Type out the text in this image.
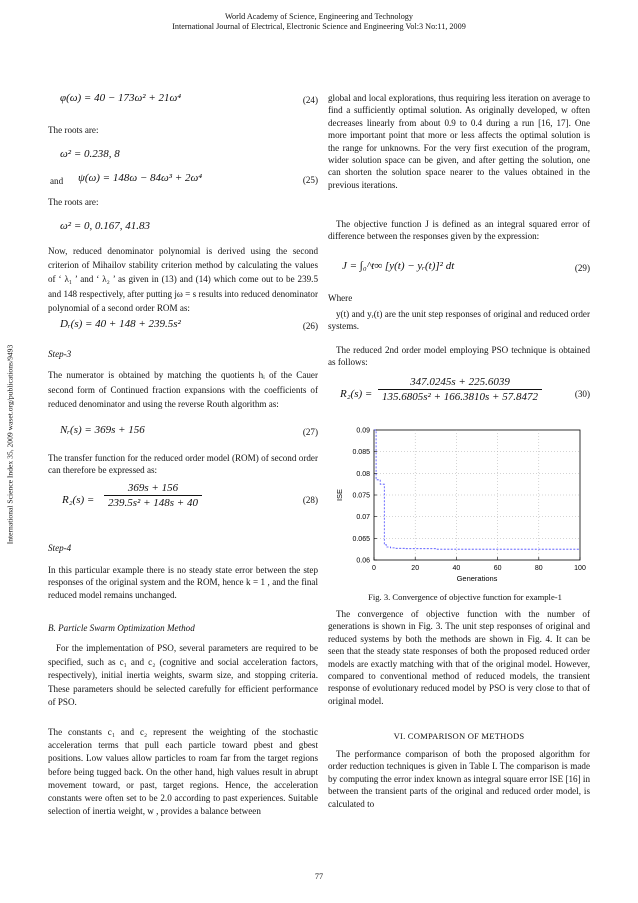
World Academy of Science, Engineering and Technology
International Journal of Electrical, Electronic Science and Engineering Vol:3 No:11, 2009
International Science Index 35, 2009 waset.org/publications/9493
φ(ω) = 40 − 173ω² + 21ω⁴	(24)

The roots are:

ω² = 0.238, 8
and ψ(ω) = 148ω − 84ω³ + 2ω⁴	(25)

The roots are:

ω² = 0, 0.167, 41.83

Now, reduced denominator polynomial is derived using the second criterion of Mihailov stability criterion method by calculating the values of ‘ λ₁ ’ and ‘ λ₂ ’ as given in (13) and (14) which come out to be 239.5 and 148 respectively, after putting jω = s results into reduced denominator polynomial of a second order ROM as:

Dᵣ(s) = 40 + 148 + 239.5s²	(26)

Step-3

The numerator is obtained by matching the quotients hᵢ of the Cauer second form of Continued fraction expansions with the coefficients of reduced denominator and using the reverse Routh algorithm as:

Nᵣ(s) = 369s + 156	(27)

The transfer function for the reduced order model (ROM) of second order can therefore be expressed as:

$R_2(s) = \frac{369s + 156}{\text{239.5s² + 148s + 40}}$	(28)

Step-4

In this particular example there is no steady state error between the step responses of the original system and the ROM, hence k = 1 , and the final reduced model remains unchanged.

B. Particle Swarm Optimization Method

For the implementation of PSO, several parameters are required to be specified, such as c₁ and c₂ (cognitive and social acceleration factors, respectively), initial inertia weights, swarm size, and stopping criteria. These parameters should be selected carefully for efficient performance of PSO.

The constants c₁ and c₂ represent the weighting of the stochastic acceleration terms that pull each particle toward pbest and gbest positions. Low values allow particles to roam far from the target regions before being tugged back. On the other hand, high values result in abrupt movement toward, or past, target regions. Hence, the acceleration constants were often set to be 2.0 according to past experiences. Suitable selection of inertia weight, w , provides a balance between

global and local explorations, thus requiring less iteration on average to find a sufficiently optimal solution. As originally developed, w often decreases linearly from about 0.9 to 0.4 during a run [16, 17]. One more important point that more or less affects the optimal solution is the range for unknowns. For the very first execution of the program, wider solution space can be given, and after getting the solution, one can shorten the solution space nearer to the values obtained in the previous iterations.

The objective function J is defined as an integral squared error of difference between the responses given by the expression:

J = ∫₀^t∞ [y(t) − yᵣ(t)]² dt	(29)

Where

y(t) and yᵣ(t) are the unit step responses of original and reduced order systems.

The reduced 2nd order model employing PSO technique is obtained as follows:

$R_2(s) = \frac{347.0245s + 225.6039}{\text{135.6805s² + 166.3810s + 57.8472}}$	(30)
0	20	40	60	80	100
0.06
0.065
0.07
0.075
0.08
0.085
0.09
Generations
ISE
Fig. 3. Convergence of objective function for example-1

The convergence of objective function with the number of generations is shown in Fig. 3. The unit step responses of original and reduced systems by both the methods are shown in Fig. 4. It can be seen that the steady state responses of both the proposed reduced order models are exactly matching with that of the original model. However, compared to conventional method of reduced models, the transient response of evolutionary reduced model by PSO is very close to that of original model.

VI. COMPARISON OF METHODS

The performance comparison of both the proposed algorithm for order reduction techniques is given in Table I. The comparison is made by computing the error index known as integral square error ISE [16] in between the transient parts of the original and reduced order model, is calculated to

77
